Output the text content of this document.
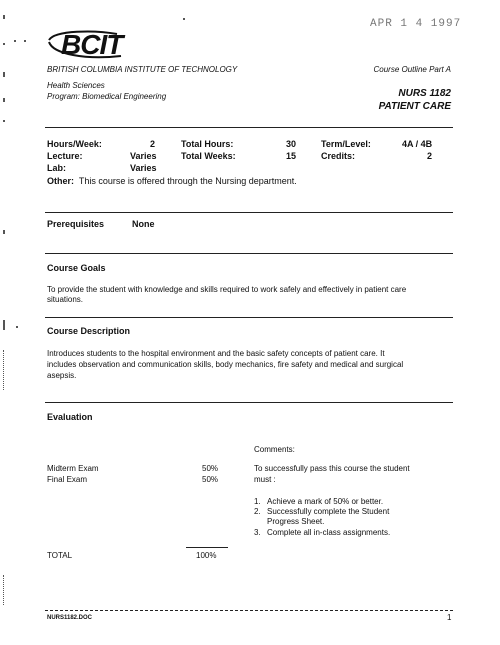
APR 1 4 1997
BCIT
BRITISH COLUMBIA INSTITUTE OF TECHNOLOGY
Health Sciences
Program: Biomedical Engineering
Course Outline Part A
NURS 1182
PATIENT CARE
Hours/Week:	2
Lecture:	Varies
Lab:	Varies
Total Hours:	30
Total Weeks:	15
Term/Level:	4A / 4B
Credits:	2
Other: This course is offered through the Nursing department.
Prerequisites	None
Course Goals
To provide the student with knowledge and skills required to work safely and effectively in patient care
situations.
Course Description
Introduces students to the hospital environment and the basic safety concepts of patient care. It
includes observation and communication skills, body mechanics, fire safety and medical and surgical
asepsis.
Evaluation
Comments:
Midterm Exam	50%
Final Exam	50%
To successfully pass this course the student
must :
1. Achieve a mark of 50% or better.
2. Successfully complete the Student
Progress Sheet.
3. Complete all in-class assignments.
TOTAL	100%
NURS1182.DOC	1
